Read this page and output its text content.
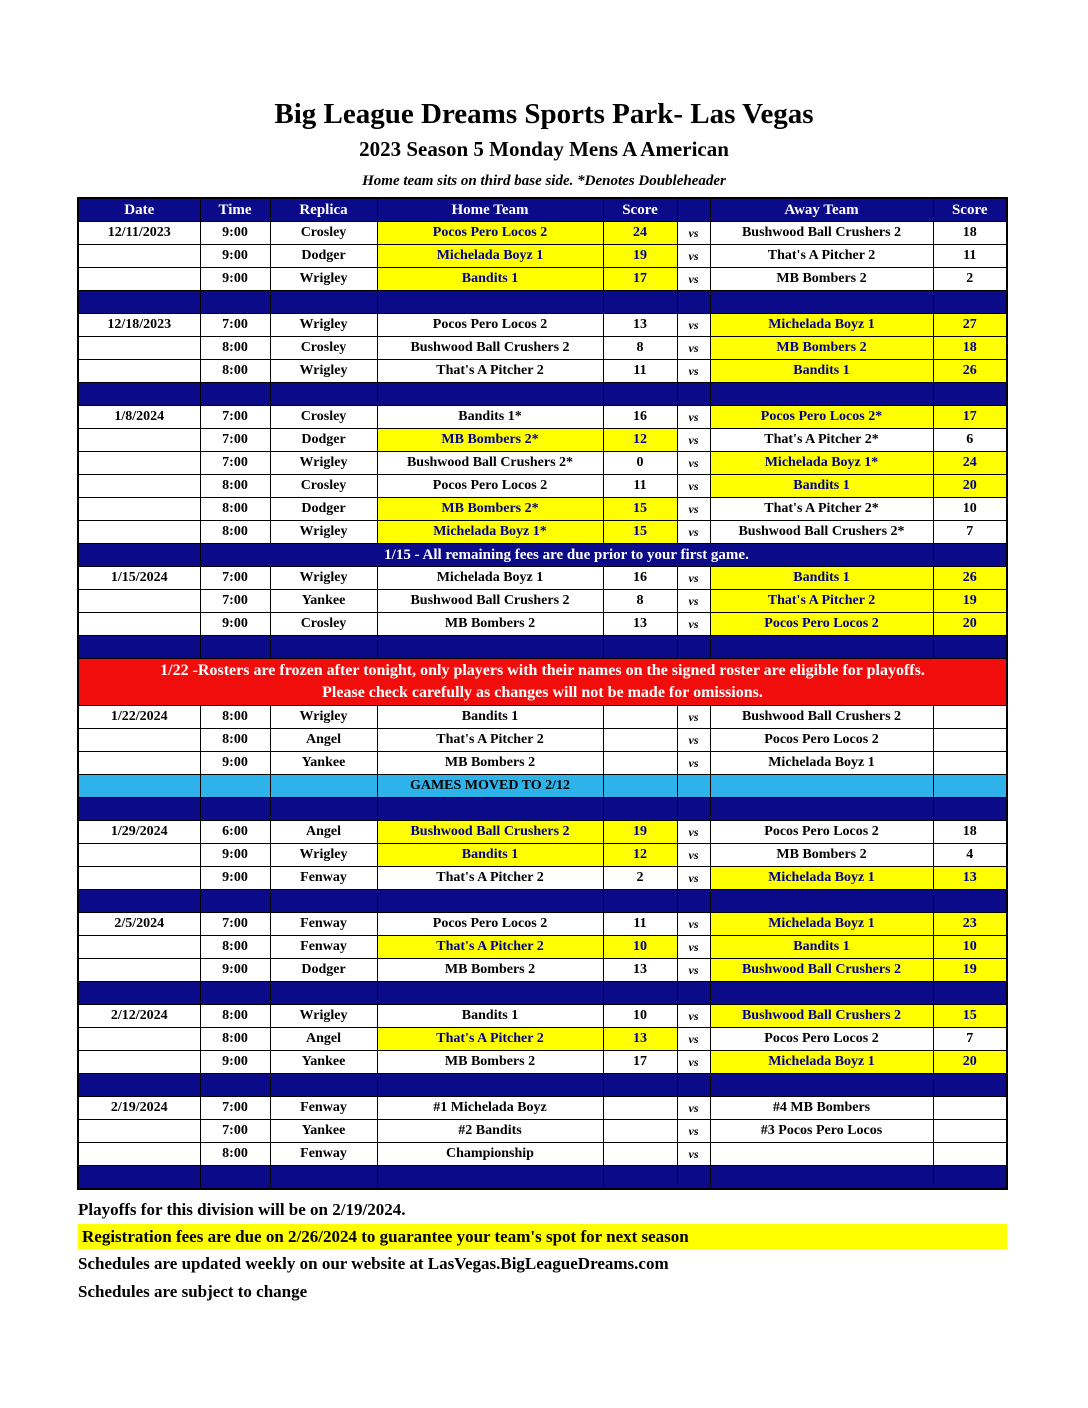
Big League Dreams Sports Park- Las Vegas
2023 Season 5 Monday Mens A American
Home team sits on third base side. *Denotes Doubleheader
Date	Time	Replica	Home Team	Score		Away Team	Score
12/11/2023	9:00	Crosley	Pocos Pero Locos 2	24	vs	Bushwood Ball Crushers 2	18
	9:00	Dodger	Michelada Boyz 1	19	vs	That's A Pitcher 2	11
	9:00	Wrigley	Bandits 1	17	vs	MB Bombers 2	2

12/18/2023	7:00	Wrigley	Pocos Pero Locos 2	13	vs	Michelada Boyz 1	27
	8:00	Crosley	Bushwood Ball Crushers 2	8	vs	MB Bombers 2	18
	8:00	Wrigley	That's A Pitcher 2	11	vs	Bandits 1	26

1/8/2024	7:00	Crosley	Bandits 1*	16	vs	Pocos Pero Locos 2*	17
	7:00	Dodger	MB Bombers 2*	12	vs	That's A Pitcher 2*	6
	7:00	Wrigley	Bushwood Ball Crushers 2*	0	vs	Michelada Boyz 1*	24
	8:00	Crosley	Pocos Pero Locos 2	11	vs	Bandits 1	20
	8:00	Dodger	MB Bombers 2*	15	vs	That's A Pitcher 2*	10
	8:00	Wrigley	Michelada Boyz 1*	15	vs	Bushwood Ball Crushers 2*	7
	1/15 - All remaining fees are due prior to your first game.						
1/15/2024	7:00	Wrigley	Michelada Boyz 1	16	vs	Bandits 1	26
	7:00	Yankee	Bushwood Ball Crushers 2	8	vs	That's A Pitcher 2	19
	9:00	Crosley	MB Bombers 2	13	vs	Pocos Pero Locos 2	20

1/22 -Rosters are frozen after tonight, only players with their names on the signed roster are eligible for playoffs.
Please check carefully as changes will not be made for omissions.							

1/22/2024	8:00	Wrigley	Bandits 1		vs	Bushwood Ball Crushers 2	
	8:00	Angel	That's A Pitcher 2		vs	Pocos Pero Locos 2	
	9:00	Yankee	MB Bombers 2		vs	Michelada Boyz 1	
			GAMES MOVED TO 2/12				

1/29/2024	6:00	Angel	Bushwood Ball Crushers 2	19	vs	Pocos Pero Locos 2	18
	9:00	Wrigley	Bandits 1	12	vs	MB Bombers 2	4
	9:00	Fenway	That's A Pitcher 2	2	vs	Michelada Boyz 1	13

2/5/2024	7:00	Fenway	Pocos Pero Locos 2	11	vs	Michelada Boyz 1	23
	8:00	Fenway	That's A Pitcher 2	10	vs	Bandits 1	10
	9:00	Dodger	MB Bombers 2	13	vs	Bushwood Ball Crushers 2	19

2/12/2024	8:00	Wrigley	Bandits 1	10	vs	Bushwood Ball Crushers 2	15
	8:00	Angel	That's A Pitcher 2	13	vs	Pocos Pero Locos 2	7
	9:00	Yankee	MB Bombers 2	17	vs	Michelada Boyz 1	20

2/19/2024	7:00	Fenway	#1 Michelada Boyz		vs	#4 MB Bombers	
	7:00	Yankee	#2 Bandits		vs	#3 Pocos Pero Locos	
	8:00	Fenway	Championship		vs		

Playoffs for this division will be on 2/19/2024.
Registration fees are due on 2/26/2024 to guarantee your team's spot for next season
Schedules are updated weekly on our website at LasVegas.BigLeagueDreams.com
Schedules are subject to change
